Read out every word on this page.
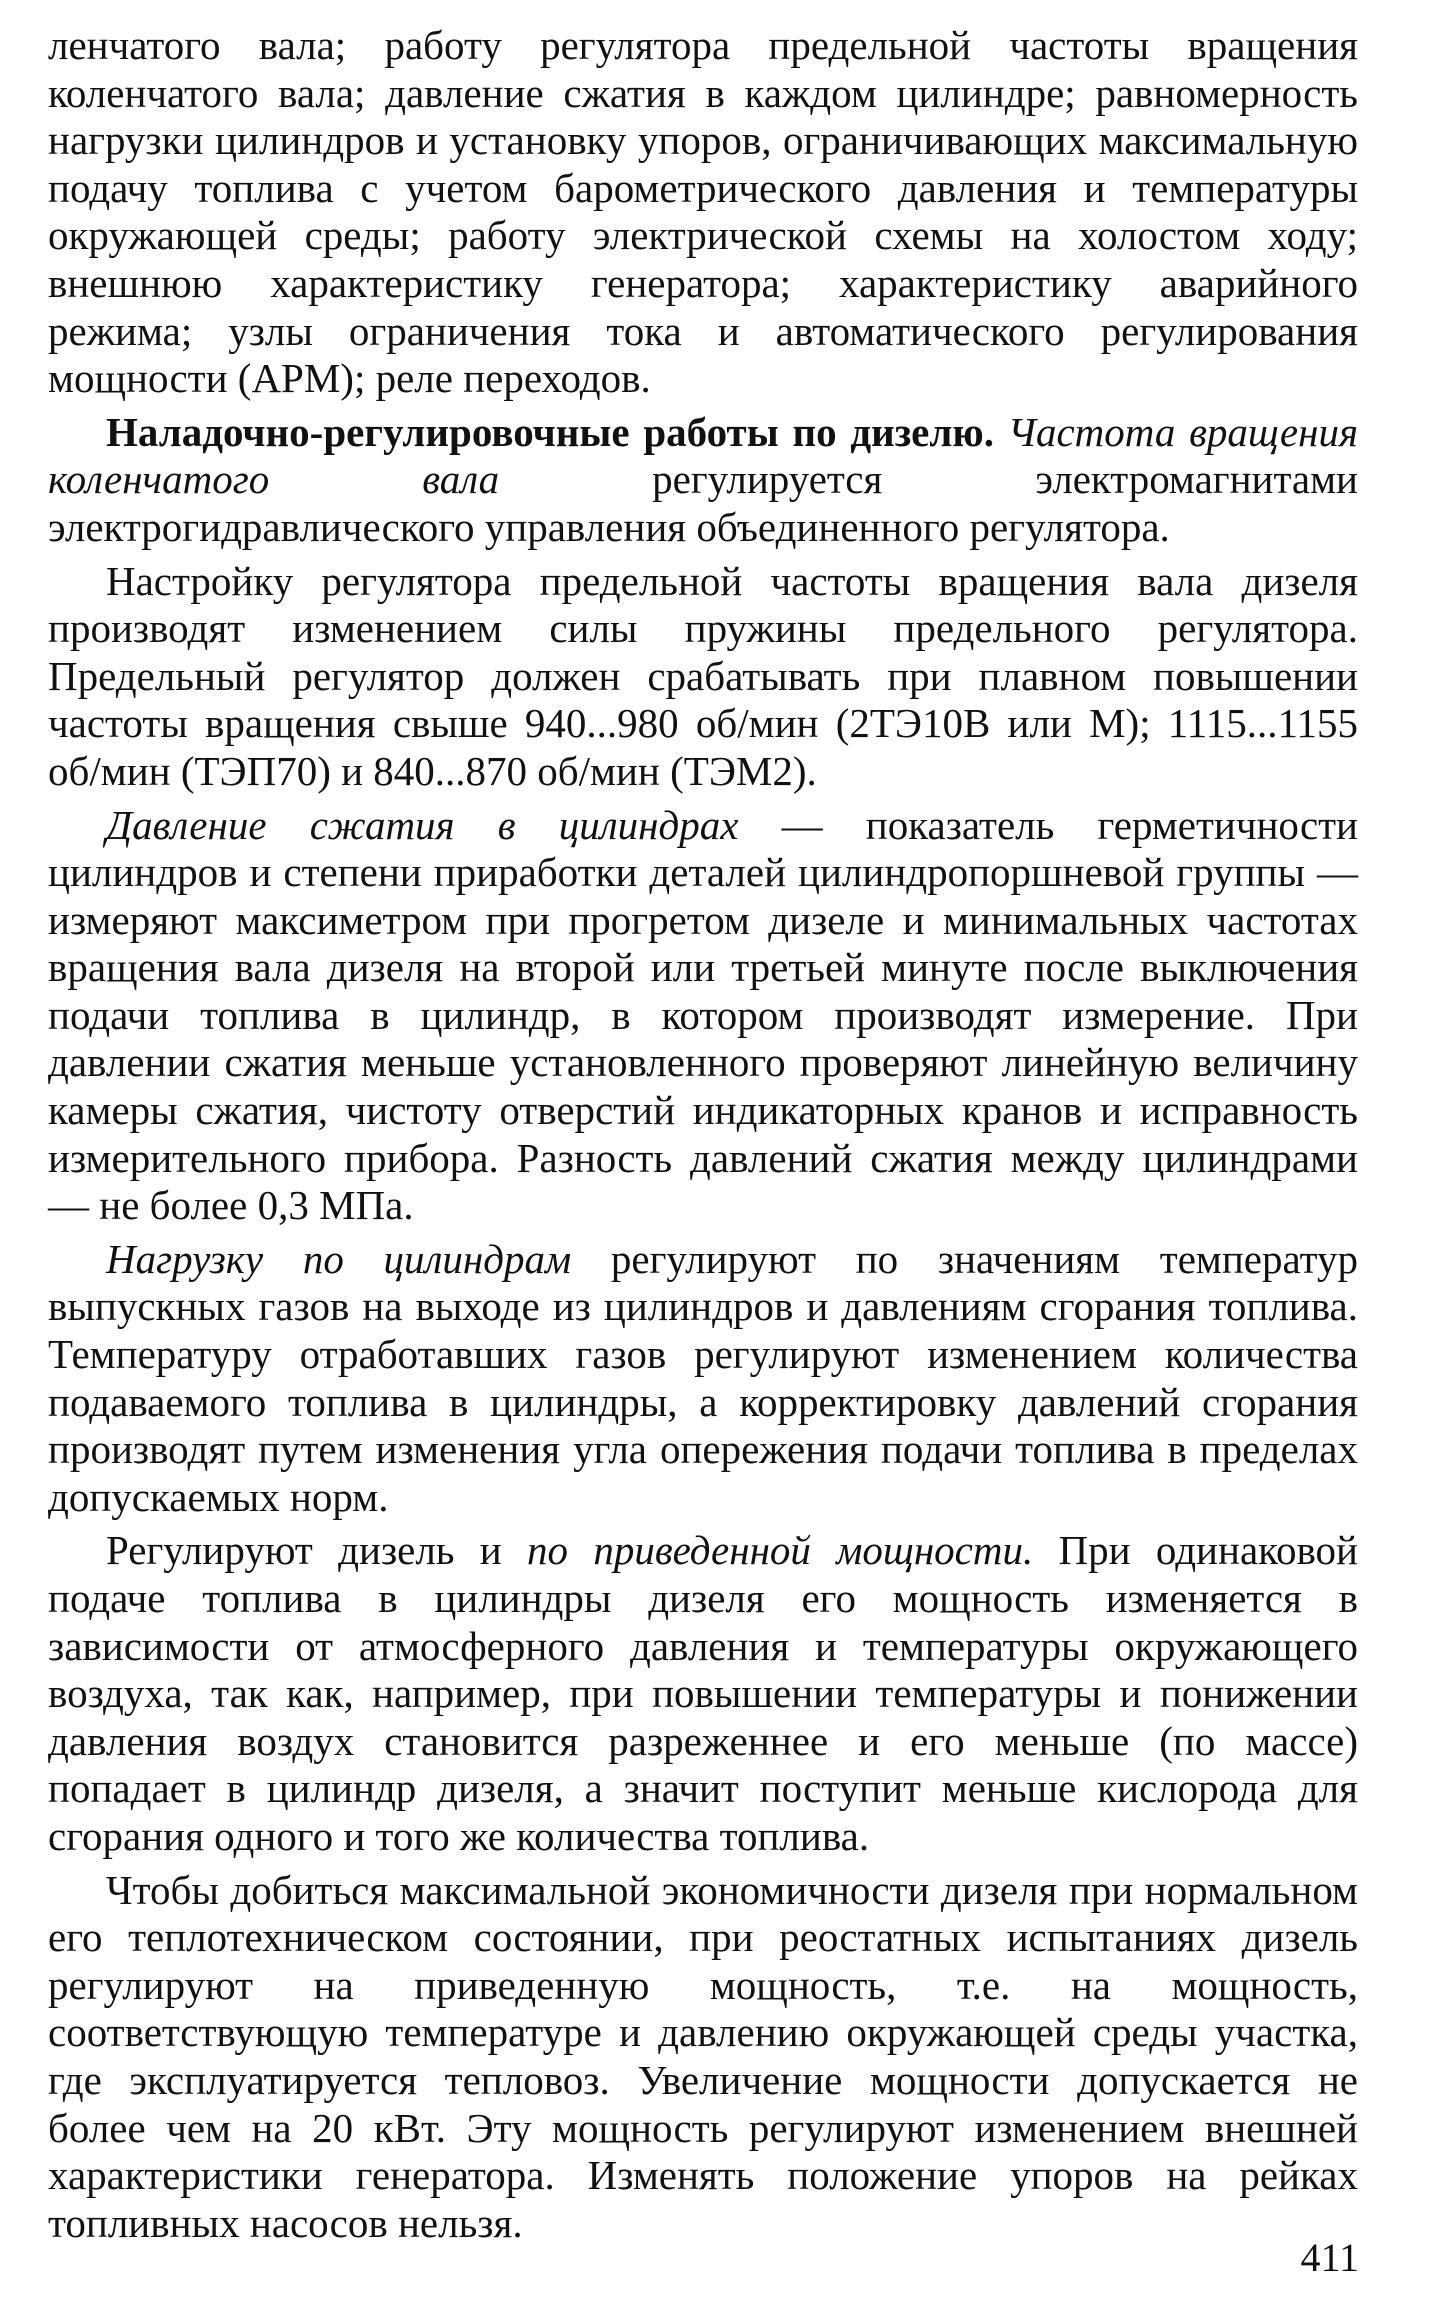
ленчатого вала; работу регулятора предельной частоты вращения коленчатого вала; давление сжатия в каждом цилиндре; равномерность нагрузки цилиндров и установку упоров, ограничивающих максимальную подачу топлива с учетом барометрического давления и температуры окружающей среды; работу электрической схемы на холостом ходу; внешнюю характеристику генератора; характеристику аварийного режима; узлы ограничения тока и автоматического регулирования мощности (АРМ); реле переходов.

Наладочно-регулировочные работы по дизелю. Частота вращения коленчатого вала	регулируется электромагнитами электрогидравлического управления объединенного регулятора.

Настройку регулятора предельной частоты вращения вала дизеля производят изменением силы пружины предельного регулятора. Предельный регулятор должен срабатывать при плавном повышении частоты вращения свыше 940...980 об/мин (2ТЭ10В или М); 1115...1155 об/мин (ТЭП70) и 840...870 об/мин (ТЭМ2).

Давление сжатия в цилиндрах — показатель герметичности цилиндров и степени приработки деталей цилиндропоршневой группы — измеряют максиметром при прогретом дизеле и минимальных частотах вращения вала дизеля на второй или третьей минуте после выключения подачи топлива в цилиндр, в котором производят измерение. При давлении сжатия меньше установленного проверяют линейную величину камеры сжатия, чистоту отверстий индикаторных кранов и исправность измерительного прибора. Разность давлений сжатия между цилиндрами — не более 0,3 МПа.

Нагрузку по цилиндрам регулируют по значениям температур выпускных газов на выходе из цилиндров и давлениям сгорания топлива. Температуру отработавших газов регулируют изменением количества подаваемого топлива в цилиндры, а корректировку давлений сгорания производят путем изменения угла опережения подачи топлива в пределах допускаемых норм.

Регулируют дизель и по приведенной мощности. При одинаковой подаче топлива в цилиндры дизеля его мощность изменяется в зависимости от атмосферного давления и температуры окружающего воздуха, так как, например, при повышении температуры и понижении давления воздух становится разреженнее и его меньше (по массе) попадает в цилиндр дизеля, а значит поступит меньше кислорода для сгорания одного и того же количества топлива.

Чтобы добиться максимальной экономичности дизеля при нормальном его теплотехническом состоянии, при реостатных испытаниях дизель регулируют на приведенную мощность, т.е. на мощность, соответствующую температуре и давлению окружающей среды участка, где эксплуатируется тепловоз. Увеличение мощности допускается не более чем на 20 кВт. Эту мощность регулируют изменением внешней характеристики генератора. Изменять положение упоров на рейках топливных насосов нельзя.

411
